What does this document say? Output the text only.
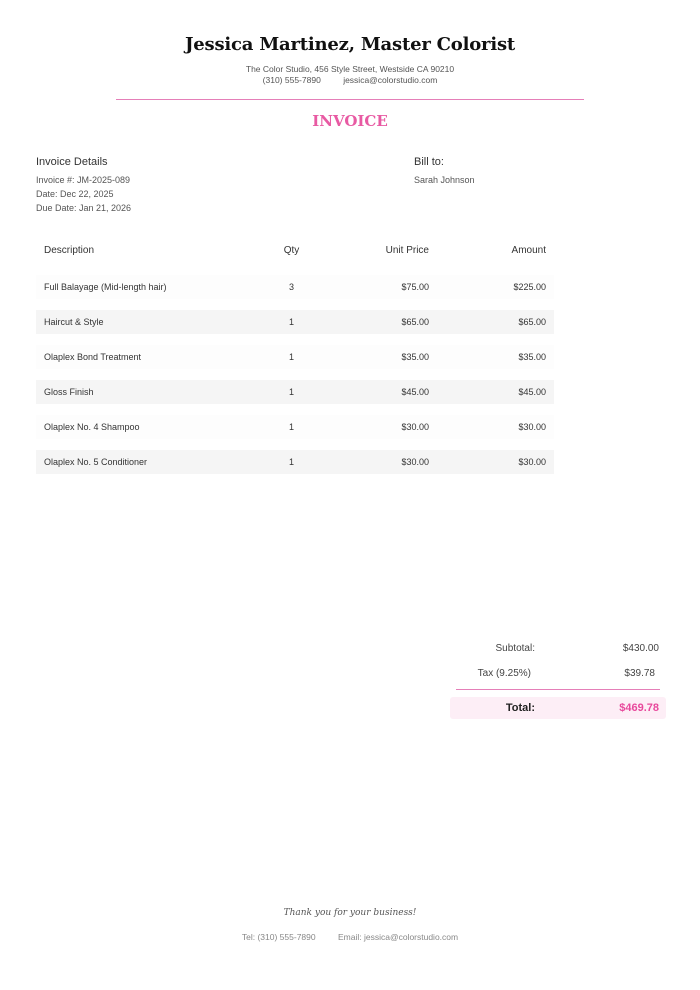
Jessica Martinez, Master Colorist
The Color Studio, 456 Style Street, Westside CA 90210
(310) 555-7890	jessica@colorstudio.com
INVOICE
Invoice Details
Invoice #: JM-2025-089
Date: Dec 22, 2025
Due Date: Jan 21, 2026
Bill to:
Sarah Johnson
Description	Qty	Unit Price	Amount
Full Balayage (Mid-length hair)	3	$75.00	$225.00
Haircut & Style	1	$65.00	$65.00
Olaplex Bond Treatment	1	$35.00	$35.00
Gloss Finish	1	$45.00	$45.00
Olaplex No. 4 Shampoo	1	$30.00	$30.00
Olaplex No. 5 Conditioner	1	$30.00	$30.00
Subtotal:	$430.00
Tax (9.25%)	$39.78
Total:	$469.78
Thank you for your business!
Tel: (310) 555-7890	Email: jessica@colorstudio.com
